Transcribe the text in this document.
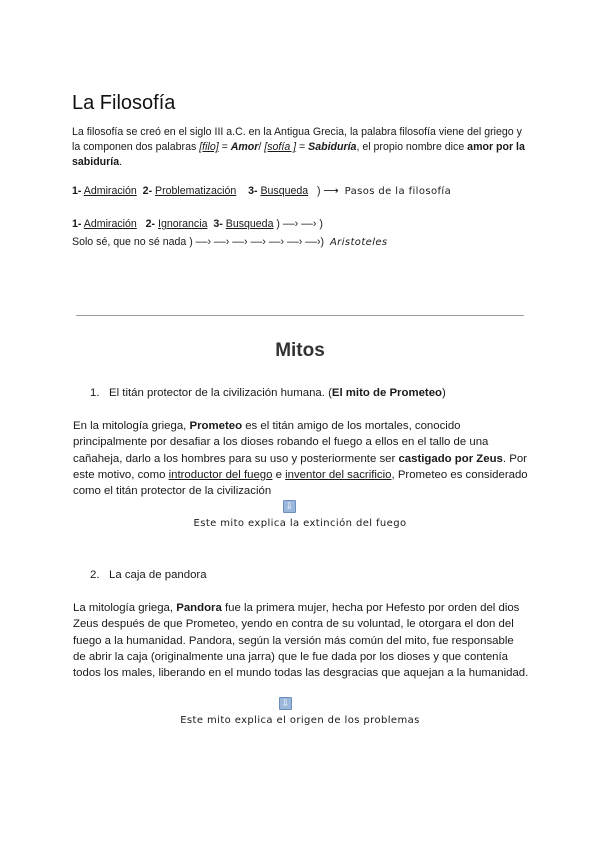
La Filosofía
La filosofía se creó en el siglo III a.C. en la Antigua Grecia, la palabra filosofía viene del griego y la componen dos palabras [filo] = Amor/ [sofía ] = Sabiduría, el propio nombre dice amor por la sabiduría.
1- Admiración 2- Problematización 3- Busqueda ) ⟶ Pasos de la filosofía
1- Admiración 2- Ignorancia 3- Busqueda ) ––› ––› )
Solo sé, que no sé nada ) ––› ––› ––› ––› ––› ––› ––›) Aristoteles
Mitos
1. El titán protector de la civilización humana. (El mito de Prometeo)
En la mitología griega, Prometeo es el titán amigo de los mortales, conocido principalmente por desafiar a los dioses robando el fuego a ellos en el tallo de una cañaheja, darlo a los hombres para su uso y posteriormente ser castigado por Zeus. Por este motivo, como introductor del fuego e inventor del sacrificio, Prometeo es considerado como el titán protector de la civilización
⇩
Este mito explica la extinción del fuego
2. La caja de pandora
La mitología griega, Pandora fue la primera mujer, hecha por Hefesto por orden del dios Zeus después de que Prometeo, yendo en contra de su voluntad, le otorgara el don del fuego a la humanidad. Pandora, según la versión más común del mito, fue responsable de abrir la caja (originalmente una jarra) que le fue dada por los dioses y que contenía todos los males, liberando en el mundo todas las desgracias que aquejan a la humanidad.
⇩
Este mito explica el origen de los problemas
